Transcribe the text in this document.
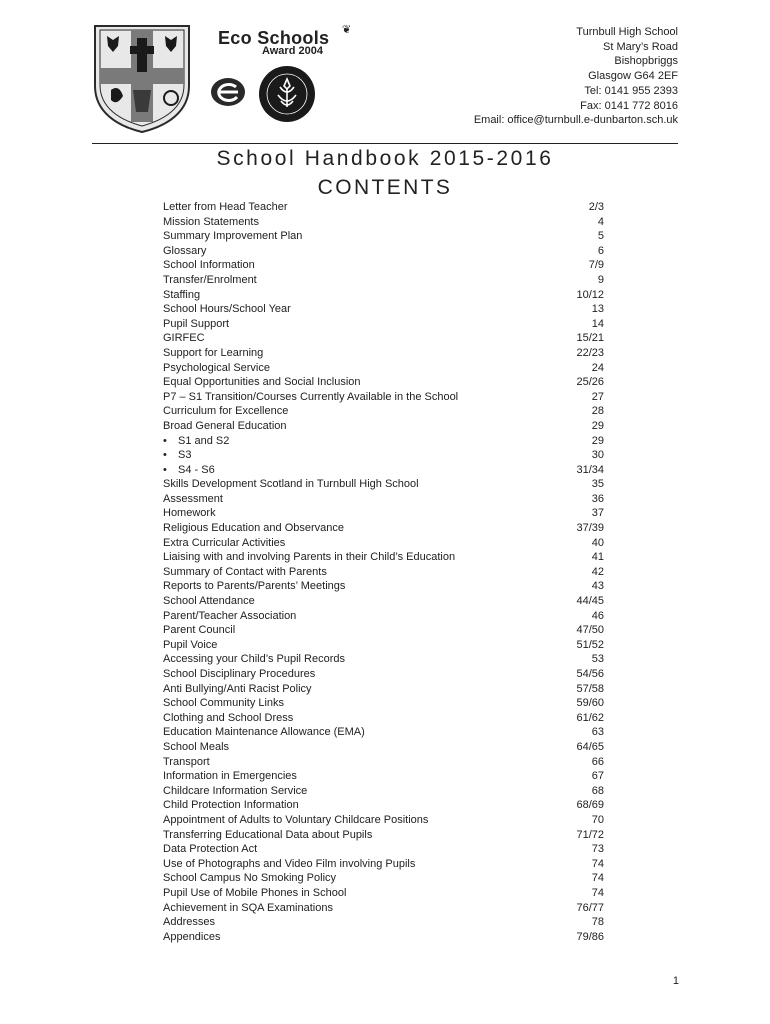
Eco Schools ❦
Award 2004
Turnbull High School
St Mary’s Road
Bishopbriggs
Glasgow G64 2EF
Tel: 0141 955 2393
Fax: 0141 772 8016
Email: office@turnbull.e-dunbarton.sch.uk
School Handbook 2015-2016
CONTENTS
Letter from Head Teacher	2/3
Mission Statements	4
Summary Improvement Plan	5
Glossary	6
School Information	7/9
Transfer/Enrolment	9
Staffing	10/12
School Hours/School Year	13
Pupil Support	14
GIRFEC	15/21
Support for Learning	22/23
Psychological Service	24
Equal Opportunities and Social Inclusion	25/26
P7 – S1 Transition/Courses Currently Available in the School	27
Curriculum for Excellence	28
Broad General Education	29
• S1 and S2	29
• S3	30
• S4 - S6	31/34
Skills Development Scotland in Turnbull High School	35
Assessment	36
Homework	37
Religious Education and Observance	37/39
Extra Curricular Activities	40
Liaising with and involving Parents in their Child’s Education	41
Summary of Contact with Parents	42
Reports to Parents/Parents’ Meetings	43
School Attendance	44/45
Parent/Teacher Association	46
Parent Council	47/50
Pupil Voice	51/52
Accessing your Child’s Pupil Records	53
School Disciplinary Procedures	54/56
Anti Bullying/Anti Racist Policy	57/58
School Community Links	59/60
Clothing and School Dress	61/62
Education Maintenance Allowance (EMA)	63
School Meals	64/65
Transport	66
Information in Emergencies	67
Childcare Information Service	68
Child Protection Information	68/69
Appointment of Adults to Voluntary Childcare Positions	70
Transferring Educational Data about Pupils	71/72
Data Protection Act	73
Use of Photographs and Video Film involving Pupils	74
School Campus No Smoking Policy	74
Pupil Use of Mobile Phones in School	74
Achievement in SQA Examinations	76/77
Addresses	78
Appendices	79/86
1
